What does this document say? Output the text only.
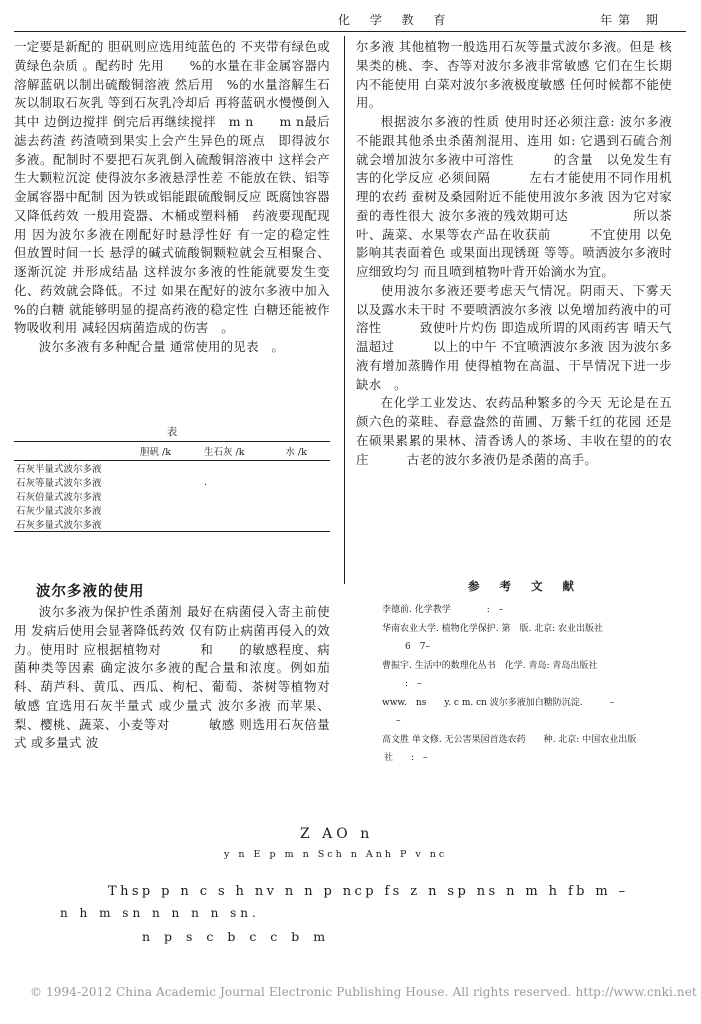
化 学 教 育	年第 期

一定要是新配的 胆矾则应选用纯蓝色的 不夹带有绿色或黄绿色杂质 。配药时 先用　　%的水量在非金属容器内溶解蓝矾以制出硫酸铜溶液 然后用　%的水量溶解生石灰以制取石灰乳 等到石灰乳冷却后 再将蓝矾水慢慢倒入其中 边倒边搅拌 倒完后再继续搅拌　m n　　m n最后滤去药渣 药渣喷到果实上会产生异色的斑点　即得波尔多液。配制时不要把石灰乳倒入硫酸铜溶液中 这样会产生大颗粒沉淀 使得波尔多液悬浮性差 不能放在铁、铝等金属容器中配制 因为铁或铝能跟硫酸铜反应 既腐蚀容器又降低药效 一般用瓷器、木桶或塑料桶　药液要现配现用 因为波尔多液在刚配好时悬浮性好 有一定的稳定性 但放置时间一长 悬浮的碱式硫酸铜颗粒就会互相聚合、逐渐沉淀 并形成结晶 这样波尔多液的性能就要发生变化、药效就会降低。不过 如果在配好的波尔多液中加入　%的白糖 就能够明显的提高药液的稳定性 白糖还能被作物吸收利用 减轻因病菌造成的伤害　。

波尔多液有多种配合量 通常使用的见表　。

表
	胆矾 /k	生石灰 /k	水 /k
石灰半量式波尔多液			
石灰等量式波尔多液		.	
石灰倍量式波尔多液			
石灰少量式波尔多液			
石灰多量式波尔多液			
波尔多液的使用

波尔多液为保护性杀菌剂 最好在病菌侵入寄主前使用 发病后使用会显著降低药效 仅有防止病菌再侵入的效力。使用时 应根据植物对　　　和　　的敏感程度、病菌种类等因素 确定波尔多液的配合量和浓度。例如茄科、葫芦科、黄瓜、西瓜、枸杞、葡萄、茶树等植物对　　敏感 宜选用石灰半量式 或少量式 波尔多液 而苹果、梨、樱桃、蔬菜、小麦等对　　　敏感 则选用石灰倍量式 或多量式 波

尔多液 其他植物一般选用石灰等量式波尔多液。但是 核果类的桃、李、杏等对波尔多液非常敏感 它们在生长期内不能使用 白菜对波尔多液极度敏感 任何时候都不能使用。

根据波尔多液的性质 使用时还必须注意: 波尔多液不能跟其他杀虫杀菌剂混用、连用 如: 它遇到石硫合剂就会增加波尔多液中可溶性　　　的含量　以免发生有害的化学反应 必须间隔　　　左右才能使用不同作用机理的农药 蚕树及桑园附近不能使用波尔多液 因为它对家蚕的毒性很大 波尔多液的残效期可达　　　　　所以茶叶、蔬菜、水果等农产品在收获前　　　不宜使用 以免影响其表面着色 或果面出现锈斑 等等。喷洒波尔多液时应细致均匀 而且喷到植物叶背开始滴水为宜。

使用波尔多液还要考虑天气情况。阴雨天、下雾天 以及露水未干时 不要喷洒波尔多液 以免增加药液中的可溶性　　　致使叶片灼伤 即造成所谓的风雨药害 晴天气温超过　　　以上的中午 不宜喷洒波尔多液 因为波尔多液有增加蒸腾作用 使得植物在高温、干旱情况下进一步缺水　。

在化学工业发达、农药品种繁多的今天 无论是在五颜六色的菜畦、春意盎然的苗圃、万紫千红的花园 还是在硕果累累的果林、清香诱人的茶场、丰收在望的的农庄　　　古老的波尔多液仍是杀菌的高手。

参 考 文 献

李德前. 化学教学　　　　:　–

华南农业大学. 植物化学保护. 第　版. 北京: 农业出版社

　6　7–

曹振宇. 生活中的数理化丛书　化学. 青岛: 青岛出版社

　:　–

www.　ns　　y. c m. cn 波尔多液加白糖防沉淀.　　　–

–

高文胜 单文修. 无公害果园首选农药　　种. 北京: 中国农业出版社　　:　–

Z AO n
y n E p m n Sch n Anh P v nc
Thsp p n c s h nv n n p ncp fs z n sp ns n m h fb m –
n h m sn n n n n sn.
n p s c b c c b m
© 1994-2012 China Academic Journal Electronic Publishing House. All rights reserved. http://www.cnki.net
